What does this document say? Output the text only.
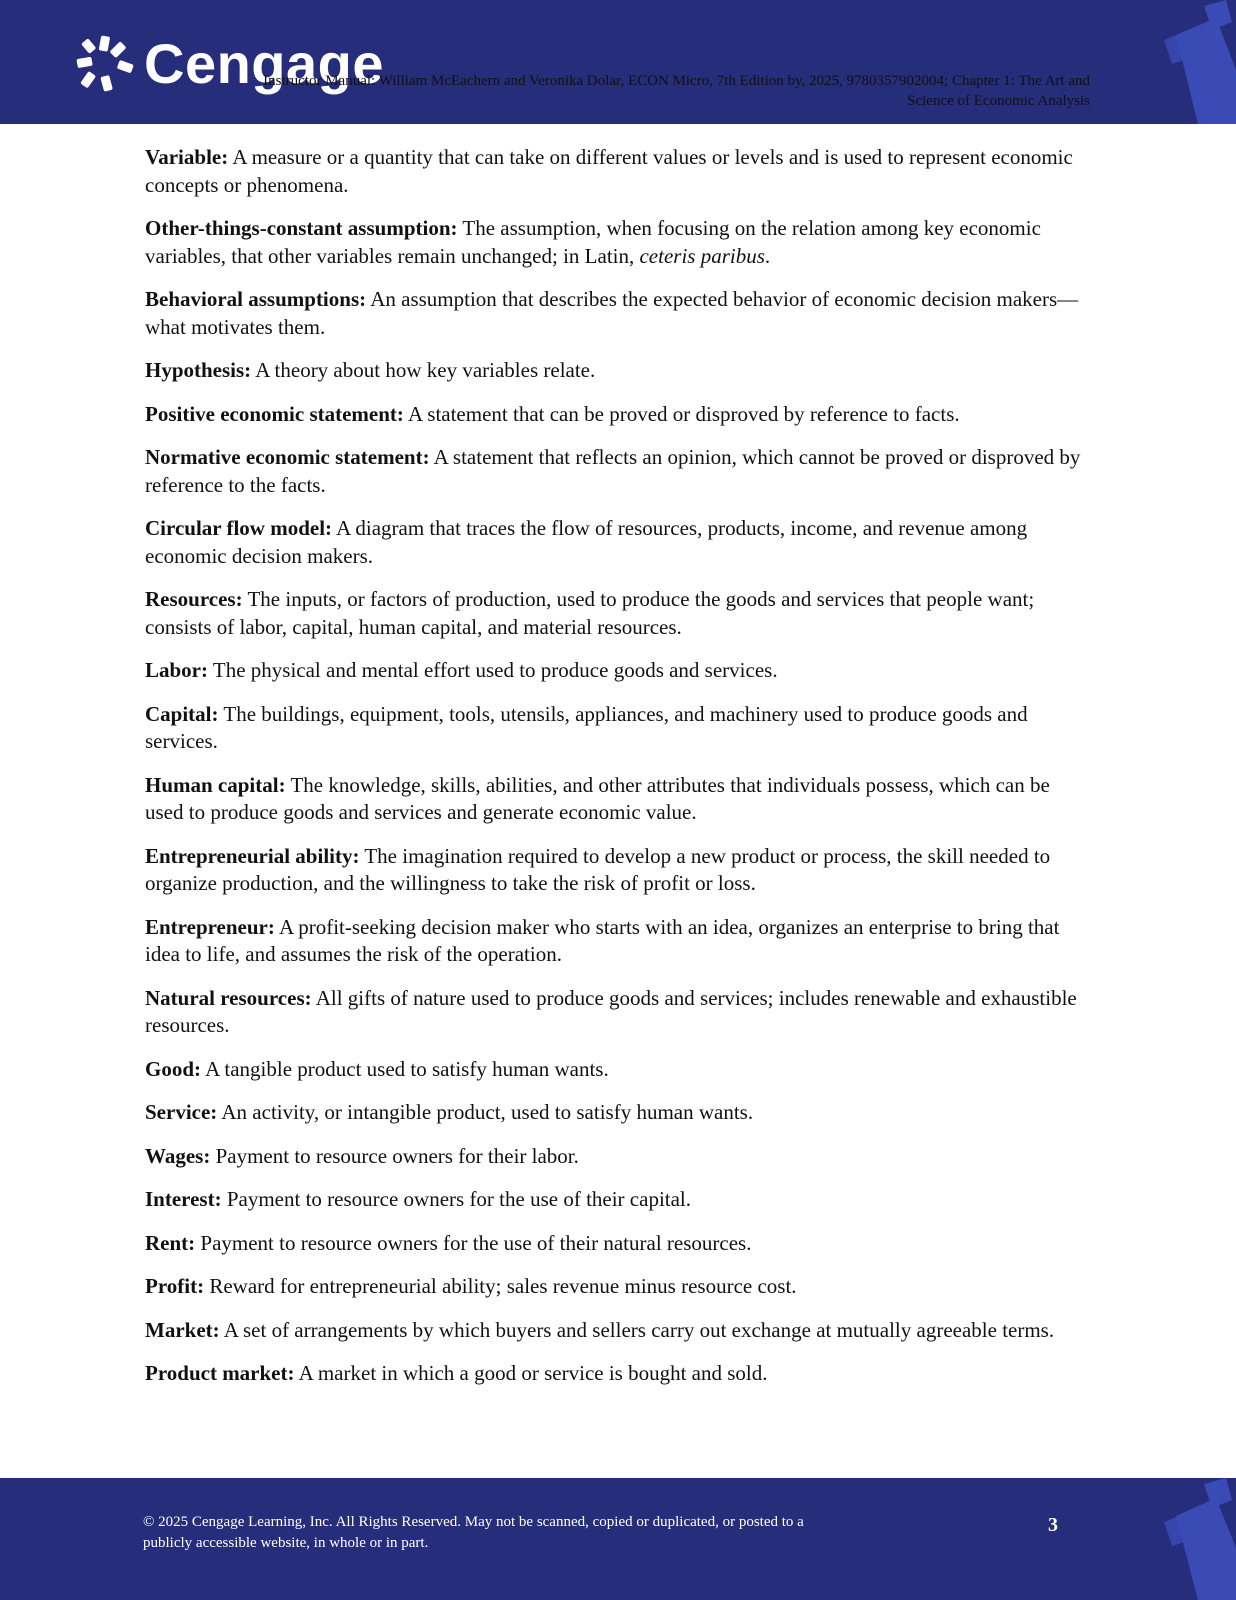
Cengage
Instructor Manual: William McEachern and Veronika Dolar, ECON Micro, 7th Edition by, 2025, 9780357902004; Chapter 1: The Art and
Science of Economic Analysis

Variable: A measure or a quantity that can take on different values or levels and is used to represent economic concepts or phenomena.

Other-things-constant assumption: The assumption, when focusing on the relation among key economic variables, that other variables remain unchanged; in Latin, ceteris paribus.

Behavioral assumptions: An assumption that describes the expected behavior of economic decision makers—what motivates them.

Hypothesis: A theory about how key variables relate.

Positive economic statement: A statement that can be proved or disproved by reference to facts.

Normative economic statement: A statement that reflects an opinion, which cannot be proved or disproved by reference to the facts.

Circular flow model: A diagram that traces the flow of resources, products, income, and revenue among economic decision makers.

Resources: The inputs, or factors of production, used to produce the goods and services that people want; consists of labor, capital, human capital, and material resources.

Labor: The physical and mental effort used to produce goods and services.

Capital: The buildings, equipment, tools, utensils, appliances, and machinery used to produce goods and services.

Human capital: The knowledge, skills, abilities, and other attributes that individuals possess, which can be used to produce goods and services and generate economic value.

Entrepreneurial ability: The imagination required to develop a new product or process, the skill needed to organize production, and the willingness to take the risk of profit or loss.

Entrepreneur: A profit-seeking decision maker who starts with an idea, organizes an enterprise to bring that idea to life, and assumes the risk of the operation.

Natural resources: All gifts of nature used to produce goods and services; includes renewable and exhaustible resources.

Good: A tangible product used to satisfy human wants.

Service: An activity, or intangible product, used to satisfy human wants.

Wages: Payment to resource owners for their labor.

Interest: Payment to resource owners for the use of their capital.

Rent: Payment to resource owners for the use of their natural resources.

Profit: Reward for entrepreneurial ability; sales revenue minus resource cost.

Market: A set of arrangements by which buyers and sellers carry out exchange at mutually agreeable terms.

Product market: A market in which a good or service is bought and sold.

© 2025 Cengage Learning, Inc. All Rights Reserved. May not be scanned, copied or duplicated, or posted to a
publicly accessible website, in whole or in part.
3
